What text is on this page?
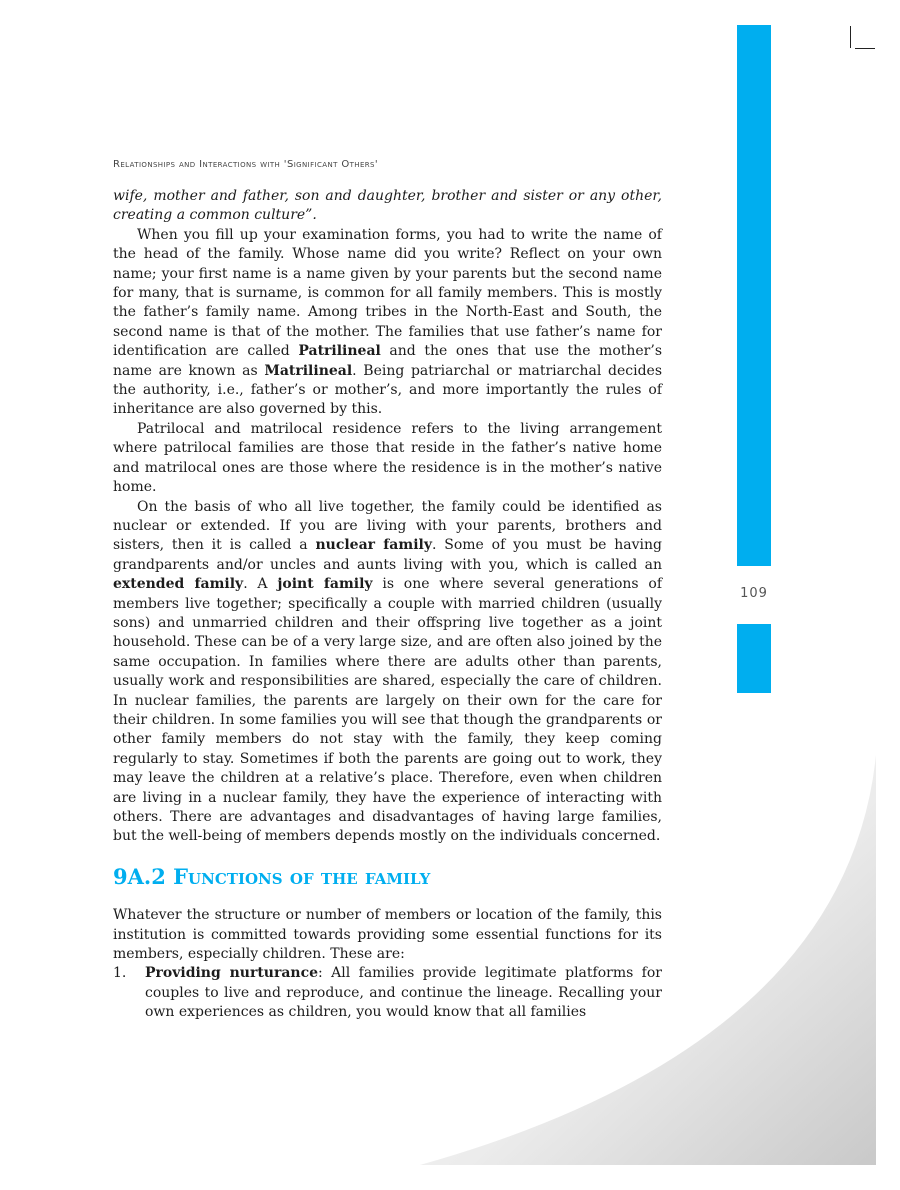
109
Relationships and Interactions with 'Significant Others'

wife, mother and father, son and daughter, brother and sister or any other, creating a common culture”.

When you fill up your examination forms, you had to write the name of the head of the family. Whose name did you write? Reflect on your own name; your first name is a name given by your parents but the second name for many, that is surname, is common for all family members. This is mostly the father’s family name. Among tribes in the North-East and South, the second name is that of the mother. The families that use father’s name for identification are called Patrilineal and the ones that use the mother’s name are known as Matrilineal. Being patriarchal or matriarchal decides the authority, i.e., father’s or mother’s, and more importantly the rules of inheritance are also governed by this.

Patrilocal and matrilocal residence refers to the living arrangement where patrilocal families are those that reside in the father’s native home and matrilocal ones are those where the residence is in the mother’s native home.

On the basis of who all live together, the family could be identified as nuclear or extended. If you are living with your parents, brothers and sisters, then it is called a nuclear family. Some of you must be having grandparents and/or uncles and aunts living with you, which is called an extended family. A joint family is one where several generations of members live together; specifically a couple with married children (usually sons) and unmarried children and their offspring live together as a joint household. These can be of a very large size, and are often also joined by the same occupation. In families where there are adults other than parents, usually work and responsibilities are shared, especially the care of children. In nuclear families, the parents are largely on their own for the care for their children. In some families you will see that though the grandparents or other family members do not stay with the family, they keep coming regularly to stay. Sometimes if both the parents are going out to work, they may leave the children at a relative’s place. Therefore, even when children are living in a nuclear family, they have the experience of interacting with others. There are advantages and disadvantages of having large families, but the well-being of members depends mostly on the individuals concerned.

9A.2 Functions of the family

Whatever the structure or number of members or location of the family, this institution is committed towards providing some essential functions for its members, especially children. These are:

1. Providing nurturance: All families provide legitimate platforms for couples to live and reproduce, and continue the lineage. Recalling your own experiences as children, you would know that all families
